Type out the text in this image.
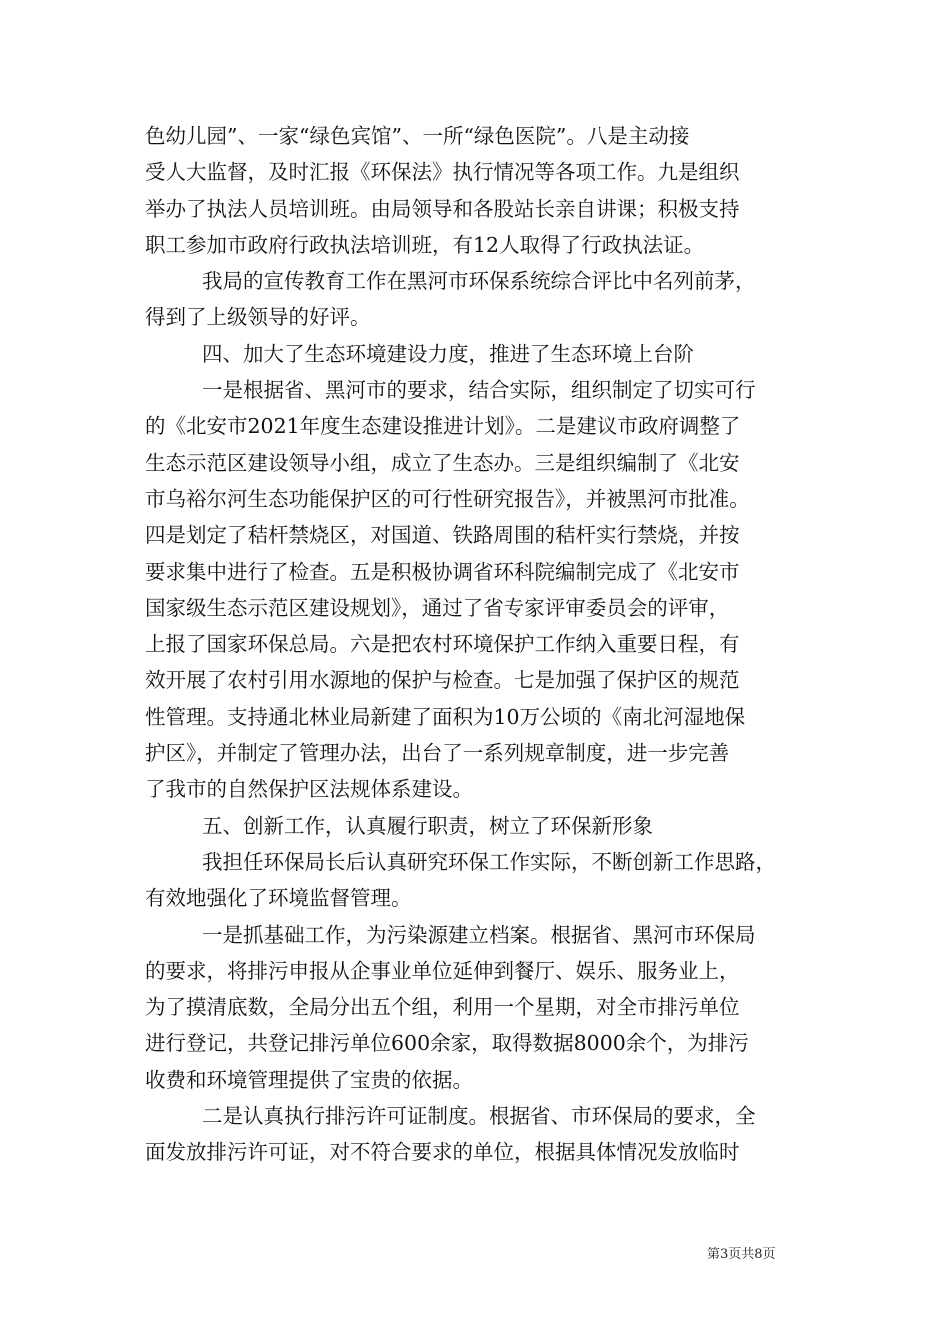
色幼儿园”、一家“绿色宾馆”、一所“绿色医院”。八是主动接
受人大监督，及时汇报《环保法》执行情况等各项工作。九是组织
举办了执法人员培训班。由局领导和各股站长亲自讲课；积极支持
职工参加市政府行政执法培训班，有12人取得了行政执法证。
我局的宣传教育工作在黑河市环保系统综合评比中名列前茅，
得到了上级领导的好评。
四、加大了生态环境建设力度，推进了生态环境上台阶
一是根据省、黑河市的要求，结合实际，组织制定了切实可行
的《北安市2021年度生态建设推进计划》。二是建议市政府调整了
生态示范区建设领导小组，成立了生态办。三是组织编制了《北安
市乌裕尔河生态功能保护区的可行性研究报告》，并被黑河市批准。
四是划定了秸杆禁烧区，对国道、铁路周围的秸杆实行禁烧，并按
要求集中进行了检查。五是积极协调省环科院编制完成了《北安市
国家级生态示范区建设规划》，通过了省专家评审委员会的评审，
上报了国家环保总局。六是把农村环境保护工作纳入重要日程，有
效开展了农村引用水源地的保护与检查。七是加强了保护区的规范
性管理。支持通北林业局新建了面积为10万公顷的《南北河湿地保
护区》，并制定了管理办法，出台了一系列规章制度，进一步完善
了我市的自然保护区法规体系建设。
五、创新工作，认真履行职责，树立了环保新形象
我担任环保局长后认真研究环保工作实际，不断创新工作思路，
有效地强化了环境监督管理。
一是抓基础工作，为污染源建立档案。根据省、黑河市环保局
的要求，将排污申报从企事业单位延伸到餐厅、娱乐、服务业上，
为了摸清底数，全局分出五个组，利用一个星期，对全市排污单位
进行登记，共登记排污单位600余家，取得数据8000余个，为排污
收费和环境管理提供了宝贵的依据。
二是认真执行排污许可证制度。根据省、市环保局的要求，全
面发放排污许可证，对不符合要求的单位，根据具体情况发放临时
第3页共8页
